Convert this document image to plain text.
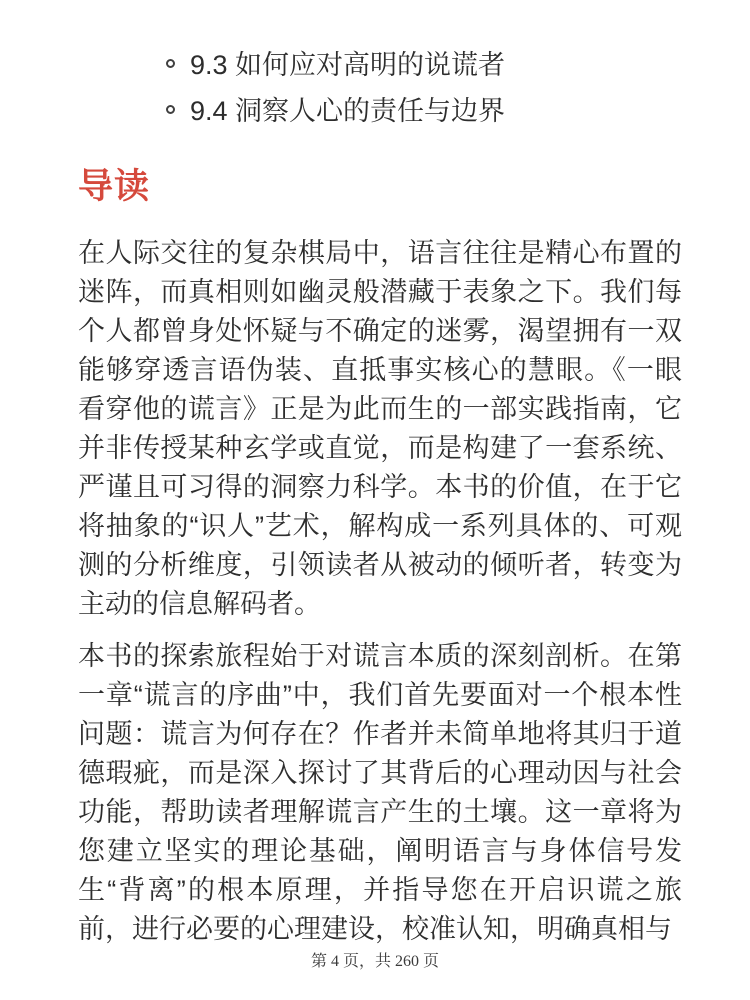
9.3 如何应对高明的说谎者
9.4 洞察人心的责任与边界
导读

在人际交往的复杂棋局中，语言往往是精心布置的迷阵，而真相则如幽灵般潜藏于表象之下。我们每个人都曾身处怀疑与不确定的迷雾，渴望拥有一双能够穿透言语伪装、直抵事实核心的慧眼。《一眼看穿他的谎言》正是为此而生的一部实践指南，它并非传授某种玄学或直觉，而是构建了一套系统、严谨且可习得的洞察力科学。本书的价值，在于它将抽象的“识人”艺术，解构成一系列具体的、可观测的分析维度，引领读者从被动的倾听者，转变为主动的信息解码者。

本书的探索旅程始于对谎言本质的深刻剖析。在第一章“谎言的序曲”中，我们首先要面对一个根本性问题：谎言为何存在？作者并未简单地将其归于道德瑕疵，而是深入探讨了其背后的心理动因与社会功能，帮助读者理解谎言产生的土壤。这一章将为您建立坚实的理论基础，阐明语言与身体信号发生“背离”的根本原理，并指导您在开启识谎之旅前，进行必要的心理建设，校准认知，明确真相与

第 4 页，共 260 页
